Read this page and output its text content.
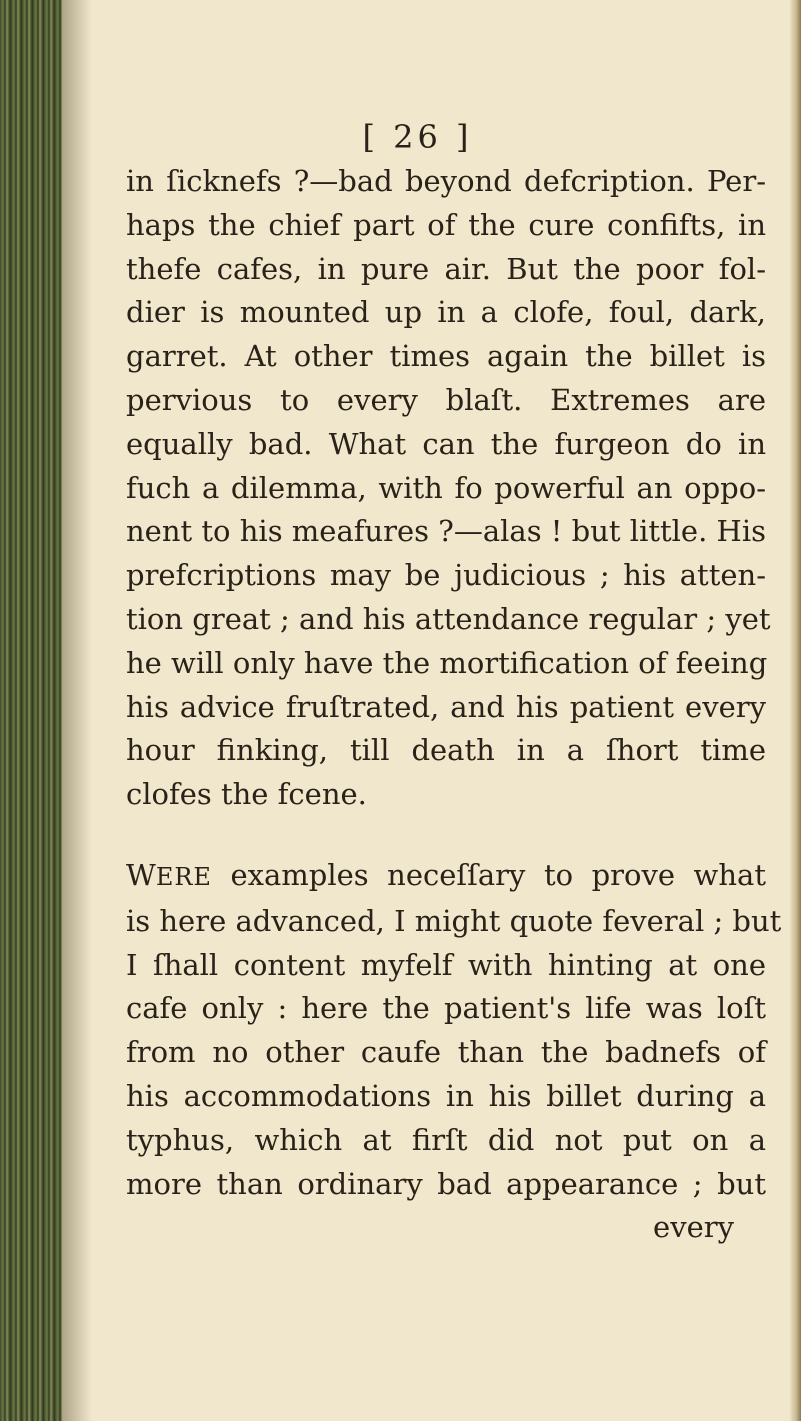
[ 26 ]
in ſicknefs ?—bad beyond defcription. Per-
haps the chief part of the cure confifts, in
thefe cafes, in pure air. But the poor fol-
dier is mounted up in a clofe, foul, dark,
garret. At other times again the billet is
pervious to every blaſt. Extremes are
equally bad. What can the furgeon do in
fuch a dilemma, with fo powerful an oppo-
nent to his meafures ?—alas ! but little. His
prefcriptions may be judicious ; his atten-
tion great ; and his attendance regular ; yet
he will only have the mortification of feeing
his advice fruſtrated, and his patient every
hour finking, till death in a ſhort time
clofes the fcene.
WERE examples neceſſary to prove what
is here advanced, I might quote feveral ; but
I ſhall content myfelf with hinting at one
cafe only : here the patient's life was loſt
from no other caufe than the badnefs of
his accommodations in his billet during a
typhus, which at firſt did not put on a
more than ordinary bad appearance ; but
every
